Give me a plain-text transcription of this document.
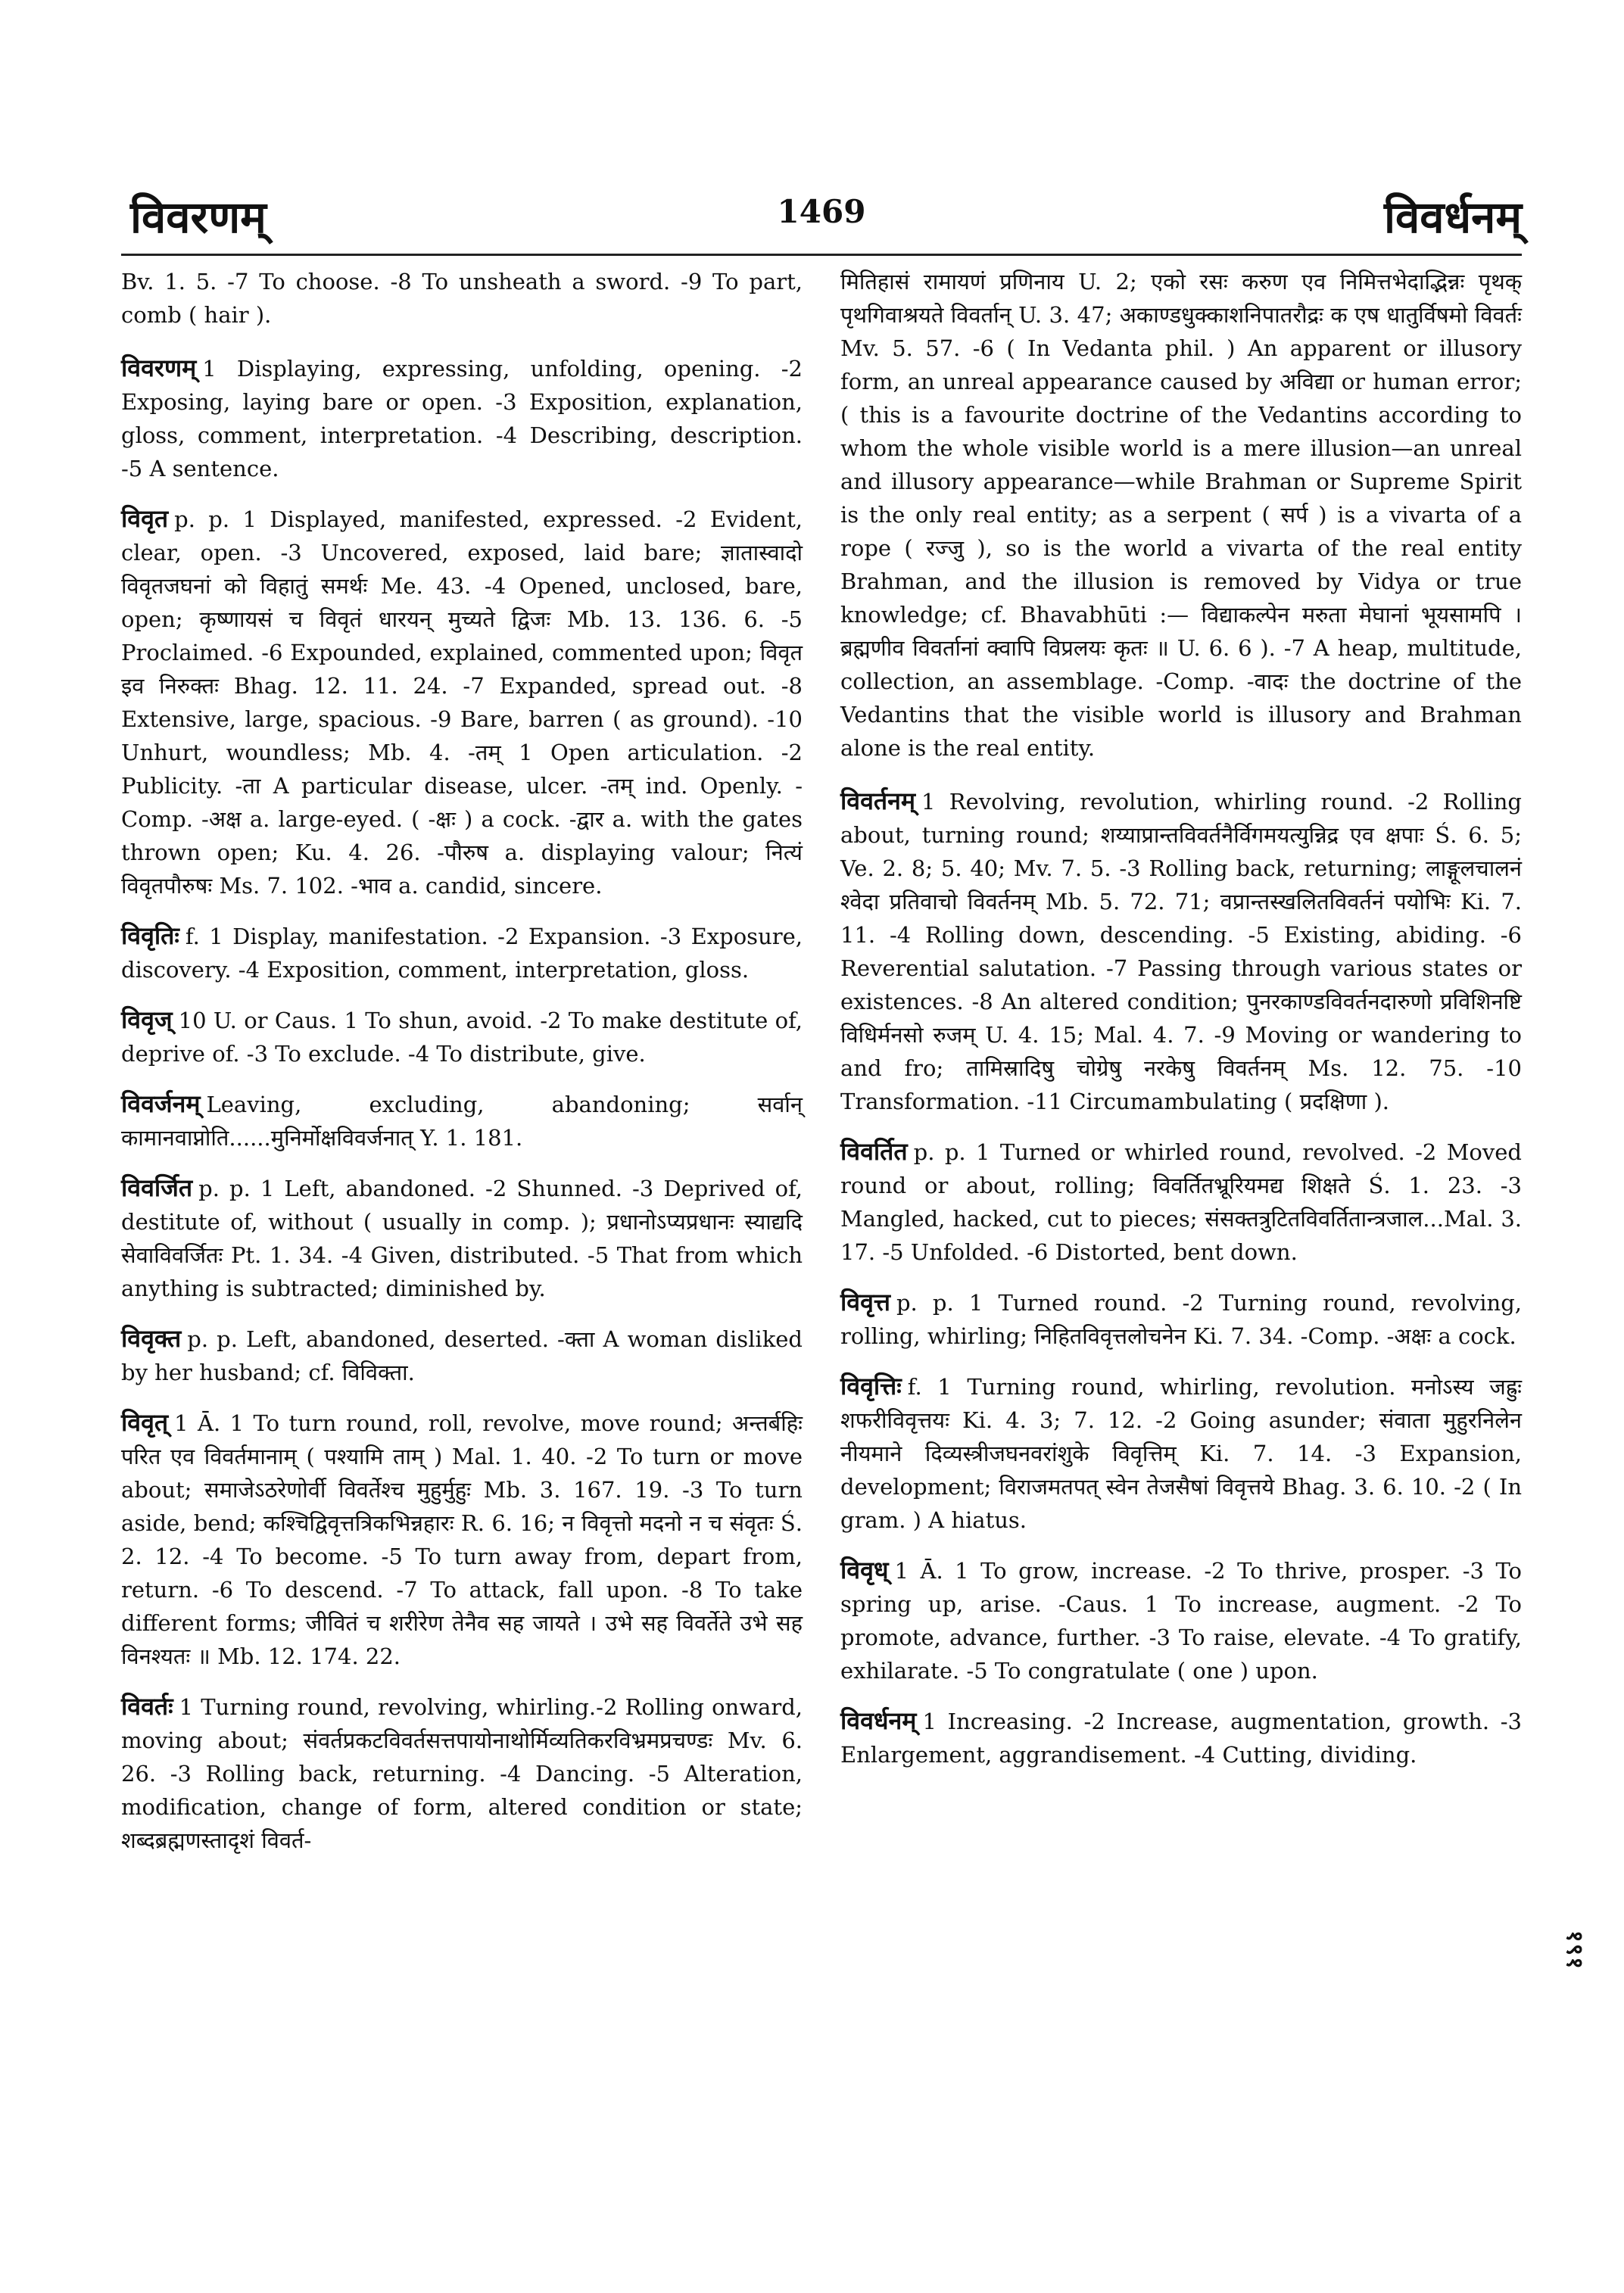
विवरणम्	1469	विवर्धनम्

Bv. 1. 5. -7 To choose. -8 To unsheath a sword. -9 To part, comb ( hair ).

विवरणम् 1 Displaying, expressing, unfolding, opening. -2 Exposing, laying bare or open. -3 Exposition, explanation, gloss, comment, interpretation. -4 Describing, description. -5 A sentence.

विवृत p. p. 1 Displayed, manifested, expressed. -2 Evident, clear, open. -3 Uncovered, exposed, laid bare; ज्ञातास्वादो विवृतजघनां को विहातुं समर्थः Me. 43. -4 Opened, unclosed, bare, open; कृष्णायसं च विवृतं धारयन् मुच्यते द्विजः Mb. 13. 136. 6. -5 Proclaimed. -6 Expounded, explained, commented upon; विवृत इव निरुक्तः Bhag. 12. 11. 24. -7 Expanded, spread out. -8 Extensive, large, spacious. -9 Bare, barren ( as ground). -10 Unhurt, woundless; Mb. 4. -तम् 1 Open articulation. -2 Publicity. -ता A particular disease, ulcer. -तम् ind. Openly. -Comp. -अक्ष a. large-eyed. ( -क्षः ) a cock. -द्वार a. with the gates thrown open; Ku. 4. 26. -पौरुष a. displaying valour; नित्यं विवृतपौरुषः Ms. 7. 102. -भाव a. candid, sincere.

विवृतिः f. 1 Display, manifestation. -2 Expansion. -3 Exposure, discovery. -4 Exposition, comment, interpretation, gloss.

विवृज् 10 U. or Caus. 1 To shun, avoid. -2 To make destitute of, deprive of. -3 To exclude. -4 To distribute, give.

विवर्जनम् Leaving, excluding, abandoning; सर्वान् कामानवाप्नोति......मुनिर्मोक्षविवर्जनात् Y. 1. 181.

विवर्जित p. p. 1 Left, abandoned. -2 Shunned. -3 Deprived of, destitute of, without ( usually in comp. ); प्रधानोऽप्यप्रधानः स्याद्यदि सेवाविवर्जितः Pt. 1. 34. -4 Given, distributed. -5 That from which anything is subtracted; diminished by.

विवृक्त p. p. Left, abandoned, deserted. -क्ता A woman disliked by her husband; cf. विविक्ता.

विवृत् 1 Ā. 1 To turn round, roll, revolve, move round; अन्तर्बहिः परित एव विवर्तमानाम् ( पश्यामि ताम् ) Mal. 1. 40. -2 To turn or move about; समाजेऽठरेणोर्वी विवर्तेश्च मुहुर्मुहुः Mb. 3. 167. 19. -3 To turn aside, bend; कश्चिद्विवृत्तत्रिकभिन्नहारः R. 6. 16; न विवृत्तो मदनो न च संवृतः Ś. 2. 12. -4 To become. -5 To turn away from, depart from, return. -6 To descend. -7 To attack, fall upon. -8 To take different forms; जीवितं च शरीरेण तेनैव सह जायते । उभे सह विवर्तेते उभे सह विनश्यतः ॥ Mb. 12. 174. 22.

विवर्तः 1 Turning round, revolving, whirling.-2 Rolling onward, moving about; संवर्तप्रकटविवर्तसत्तपायोनाथोर्मिव्यतिकरविभ्रमप्रचण्डः Mv. 6. 26. -3 Rolling back, returning. -4 Dancing. -5 Alteration, modification, change of form, altered condition or state; शब्दब्रह्मणस्तादृशं विवर्त-

मितिहासं रामायणं प्रणिनाय U. 2; एको रसः करुण एव निमित्तभेदाद्भिन्नः पृथक् पृथगिवाश्रयते विवर्तान् U. 3. 47; अकाण्डधुक्काशनिपातरौद्रः क एष धातुर्विषमो विवर्तः Mv. 5. 57. -6 ( In Vedanta phil. ) An apparent or illusory form, an unreal appearance caused by अविद्या or human error; ( this is a favourite doctrine of the Vedantins according to whom the whole visible world is a mere illusion—an unreal and illusory appearance—while Brahman or Supreme Spirit is the only real entity; as a serpent ( सर्प ) is a vivarta of a rope ( रज्जु ), so is the world a vivarta of the real entity Brahman, and the illusion is removed by Vidya or true knowledge; cf. Bhavabhūti :— विद्याकल्पेन मरुता मेघानां भूयसामपि । ब्रह्मणीव विवर्तानां क्वापि विप्रलयः कृतः ॥ U. 6. 6 ). -7 A heap, multitude, collection, an assemblage. -Comp. -वादः the doctrine of the Vedantins that the visible world is illusory and Brahman alone is the real entity.

विवर्तनम् 1 Revolving, revolution, whirling round. -2 Rolling about, turning round; शय्याप्रान्तविवर्तनैर्विगमयत्युन्निद्र एव क्षपाः Ś. 6. 5; Ve. 2. 8; 5. 40; Mv. 7. 5. -3 Rolling back, returning; लाङ्गूलचालनं श्वेदा प्रतिवाचो विवर्तनम् Mb. 5. 72. 71; वप्रान्तस्खलितविवर्तनं पयोभिः Ki. 7. 11. -4 Rolling down, descending. -5 Existing, abiding. -6 Reverential salutation. -7 Passing through various states or existences. -8 An altered condition; पुनरकाण्डविवर्तनदारुणो प्रविशिनष्टि विधिर्मनसो रुजम् U. 4. 15; Mal. 4. 7. -9 Moving or wandering to and fro; तामिस्रादिषु चोग्रेषु नरकेषु विवर्तनम् Ms. 12. 75. -10 Transformation. -11 Circumambulating ( प्रदक्षिणा ).

विवर्तित p. p. 1 Turned or whirled round, revolved. -2 Moved round or about, rolling; विवर्तितभ्रूरियमद्य शिक्षते Ś. 1. 23. -3 Mangled, hacked, cut to pieces; संसक्तत्रुटितविवर्तितान्त्रजाल...Mal. 3. 17. -5 Unfolded. -6 Distorted, bent down.

विवृत्त p. p. 1 Turned round. -2 Turning round, revolving, rolling, whirling; निहितविवृत्तलोचनेन Ki. 7. 34. -Comp. -अक्षः a cock.

विवृत्तिः f. 1 Turning round, whirling, revolution. मनोऽस्य जह्रुः शफरीविवृत्तयः Ki. 4. 3; 7. 12. -2 Going asunder; संवाता मुहुरनिलेन नीयमाने दिव्यस्त्रीजघनवरांशुके विवृत्तिम् Ki. 7. 14. -3 Expansion, development; विराजमतपत् स्वेन तेजसैषां विवृत्तये Bhag. 3. 6. 10. -2 ( In gram. ) A hiatus.

विवृध् 1 Ā. 1 To grow, increase. -2 To thrive, prosper. -3 To spring up, arise. -Caus. 1 To increase, augment. -2 To promote, advance, further. -3 To raise, elevate. -4 To gratify, exhilarate. -5 To congratulate ( one ) upon.

विवर्धनम् 1 Increasing. -2 Increase, augmentation, growth. -3 Enlargement, aggrandisement. -4 Cutting, dividing.

१९१
